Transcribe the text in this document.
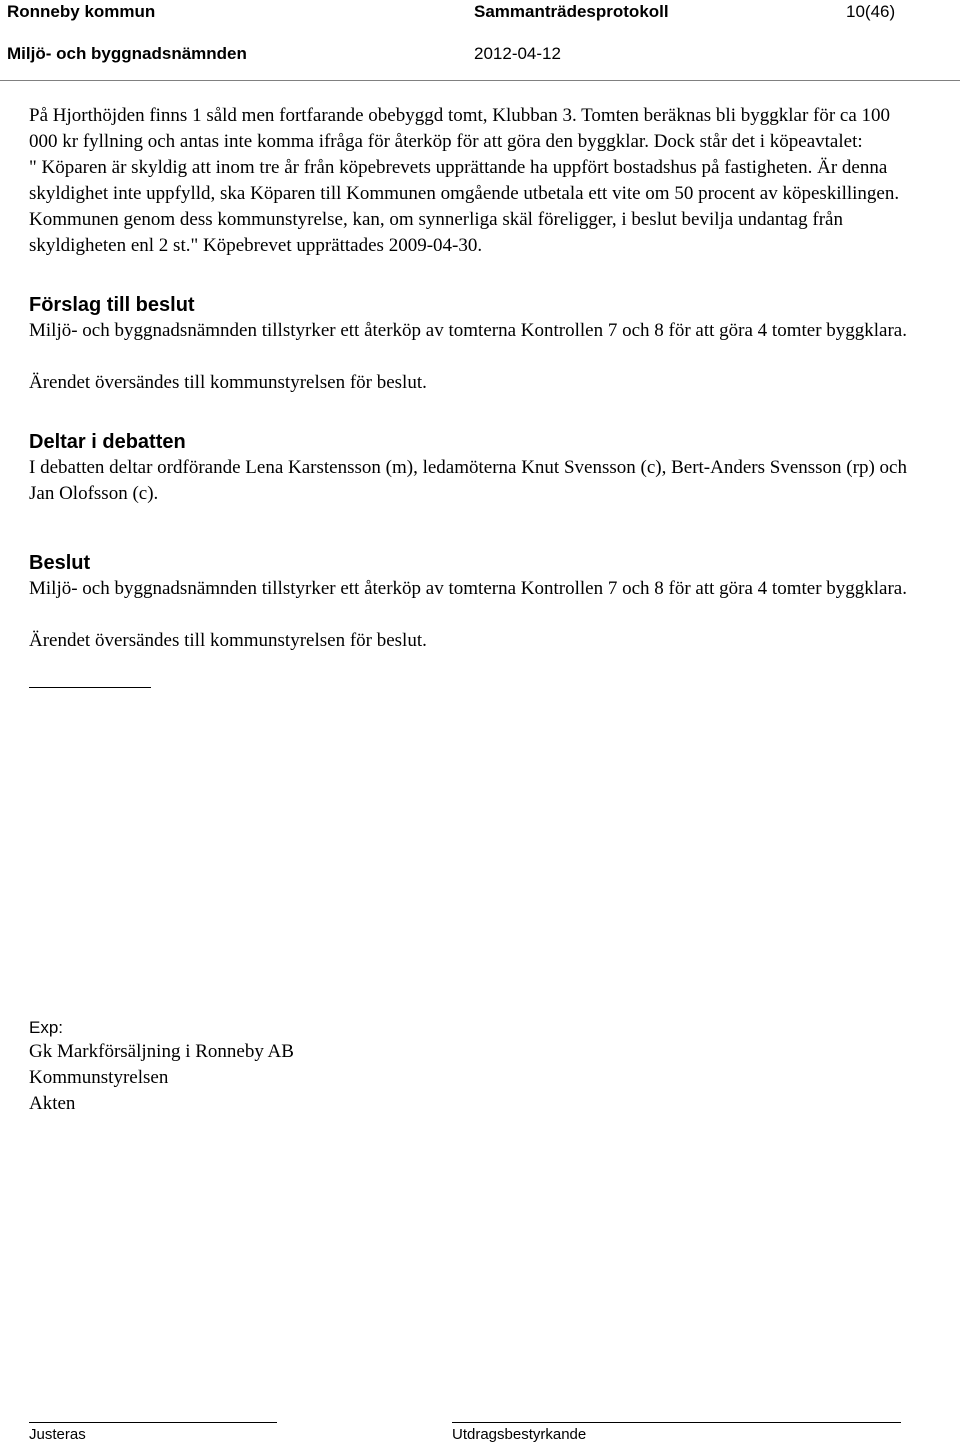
Ronneby kommun	Sammanträdesprotokoll	10(46)
Miljö- och byggnadsnämnden	2012-04-12

På Hjorthöjden finns 1 såld men fortfarande obebyggd tomt, Klubban 3. Tomten beräknas bli byggklar för ca 100 000 kr fyllning och antas inte komma ifråga för återköp för att göra den byggklar. Dock står det i köpeavtalet:

" Köparen är skyldig att inom tre år från köpebrevets upprättande ha uppfört bostadshus på fastigheten. Är denna skyldighet inte uppfylld, ska Köparen till Kommunen omgående utbetala ett vite om 50 procent av köpeskillingen.

Kommunen genom dess kommunstyrelse, kan, om synnerliga skäl föreligger, i beslut bevilja undantag från skyldigheten enl 2 st." Köpebrevet upprättades 2009-04-30.

Förslag till beslut

Miljö- och byggnadsnämnden tillstyrker ett återköp av tomterna Kontrollen 7 och 8 för att göra 4 tomter byggklara.

Ärendet översändes till kommunstyrelsen för beslut.

Deltar i debatten

I debatten deltar ordförande Lena Karstensson (m), ledamöterna Knut Svensson (c), Bert-Anders Svensson (rp) och Jan Olofsson (c).

Beslut

Miljö- och byggnadsnämnden tillstyrker ett återköp av tomterna Kontrollen 7 och 8 för att göra 4 tomter byggklara.

Ärendet översändes till kommunstyrelsen för beslut.

Exp:

Gk Markförsäljning i Ronneby AB

Kommunstyrelsen

Akten

Justeras	Utdragsbestyrkande
